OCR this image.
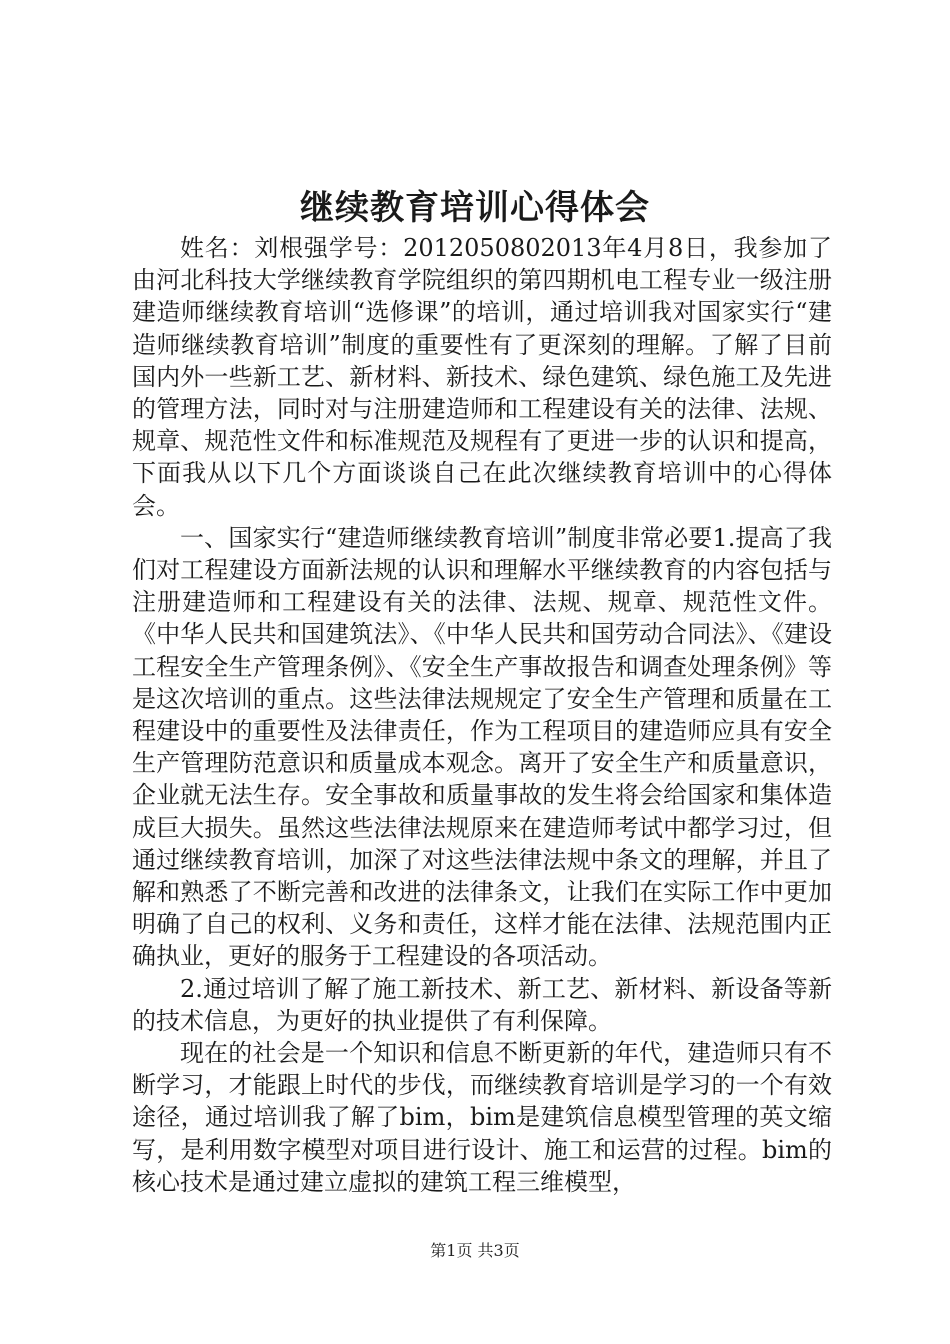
继续教育培训心得体会

姓名：刘根强学号：2012050802013年4月8日，我参加了由河北科技大学继续教育学院组织的第四期机电工程专业一级注册建造师继续教育培训“选修课”的培训，通过培训我对国家实行“建造师继续教育培训”制度的重要性有了更深刻的理解。了解了目前国内外一些新工艺、新材料、新技术、绿色建筑、绿色施工及先进的管理方法，同时对与注册建造师和工程建设有关的法律、法规、规章、规范性文件和标准规范及规程有了更进一步的认识和提高，下面我从以下几个方面谈谈自己在此次继续教育培训中的心得体会。

一、国家实行“建造师继续教育培训”制度非常必要1.提高了我们对工程建设方面新法规的认识和理解水平继续教育的内容包括与注册建造师和工程建设有关的法律、法规、规章、规范性文件。《中华人民共和国建筑法》、《中华人民共和国劳动合同法》、《建设工程安全生产管理条例》、《安全生产事故报告和调查处理条例》等是这次培训的重点。这些法律法规规定了安全生产管理和质量在工程建设中的重要性及法律责任，作为工程项目的建造师应具有安全生产管理防范意识和质量成本观念。离开了安全生产和质量意识，企业就无法生存。安全事故和质量事故的发生将会给国家和集体造成巨大损失。虽然这些法律法规原来在建造师考试中都学习过，但通过继续教育培训，加深了对这些法律法规中条文的理解，并且了解和熟悉了不断完善和改进的法律条文，让我们在实际工作中更加明确了自己的权利、义务和责任，这样才能在法律、法规范围内正确执业，更好的服务于工程建设的各项活动。

2.通过培训了解了施工新技术、新工艺、新材料、新设备等新的技术信息，为更好的执业提供了有利保障。

现在的社会是一个知识和信息不断更新的年代，建造师只有不断学习，才能跟上时代的步伐，而继续教育培训是学习的一个有效途径，通过培训我了解了bim，bim是建筑信息模型管理的英文缩写，是利用数字模型对项目进行设计、施工和运营的过程。bim的核心技术是通过建立虚拟的建筑工程三维模型，

第1页 共3页
